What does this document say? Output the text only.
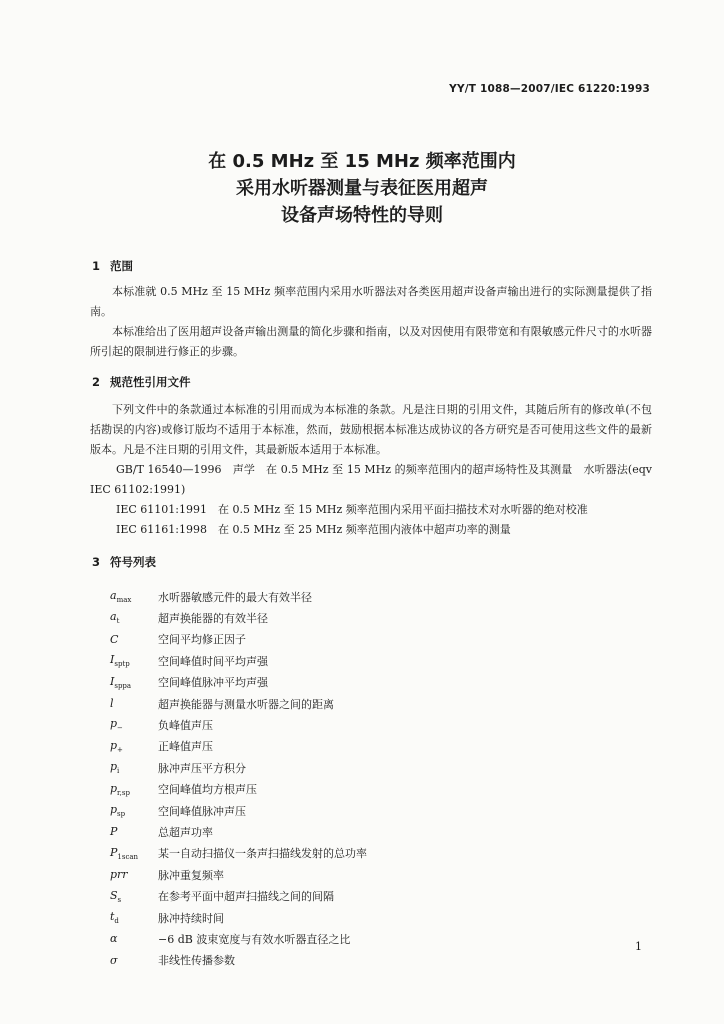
YY/T 1088—2007/IEC 61220:1993
在 0.5 MHz 至 15 MHz 频率范围内
采用水听器测量与表征医用超声
设备声场特性的导则
1 范围
本标准就 0.5 MHz 至 15 MHz 频率范围内采用水听器法对各类医用超声设备声输出进行的实际测量提供了指南。
本标准给出了医用超声设备声输出测量的简化步骤和指南，以及对因使用有限带宽和有限敏感元件尺寸的水听器所引起的限制进行修正的步骤。
2 规范性引用文件
下列文件中的条款通过本标准的引用而成为本标准的条款。凡是注日期的引用文件，其随后所有的修改单(不包括勘误的内容)或修订版均不适用于本标准，然而，鼓励根据本标准达成协议的各方研究是否可使用这些文件的最新版本。凡是不注日期的引用文件，其最新版本适用于本标准。
GB/T 16540—1996　声学　在 0.5 MHz 至 15 MHz 的频率范围内的超声场特性及其测量　水听器法(eqv IEC 61102:1991)
IEC 61101:1991　在 0.5 MHz 至 15 MHz 频率范围内采用平面扫描技术对水听器的绝对校准
IEC 61161:1998　在 0.5 MHz 至 25 MHz 频率范围内液体中超声功率的测量
3 符号列表
$a_{max}$	水听器敏感元件的最大有效半径
$a_t$	超声换能器的有效半径
C	空间平均修正因子
$I_{sptp}$	空间峰值时间平均声强
$I_{sppa}$	空间峰值脉冲平均声强
l	超声换能器与测量水听器之间的距离
$p_-$	负峰值声压
$p_+$	正峰值声压
$p_i$	脉冲声压平方积分
$p_{r,sp}$	空间峰值均方根声压
$p_{sp}$	空间峰值脉冲声压
P	总超声功率
$P_{1scan}$	某一自动扫描仪一条声扫描线发射的总功率
prr	脉冲重复频率
$S_s$	在参考平面中超声扫描线之间的间隔
$t_d$	脉冲持续时间
α	−6 dB 波束宽度与有效水听器直径之比
σ	非线性传播参数
1
